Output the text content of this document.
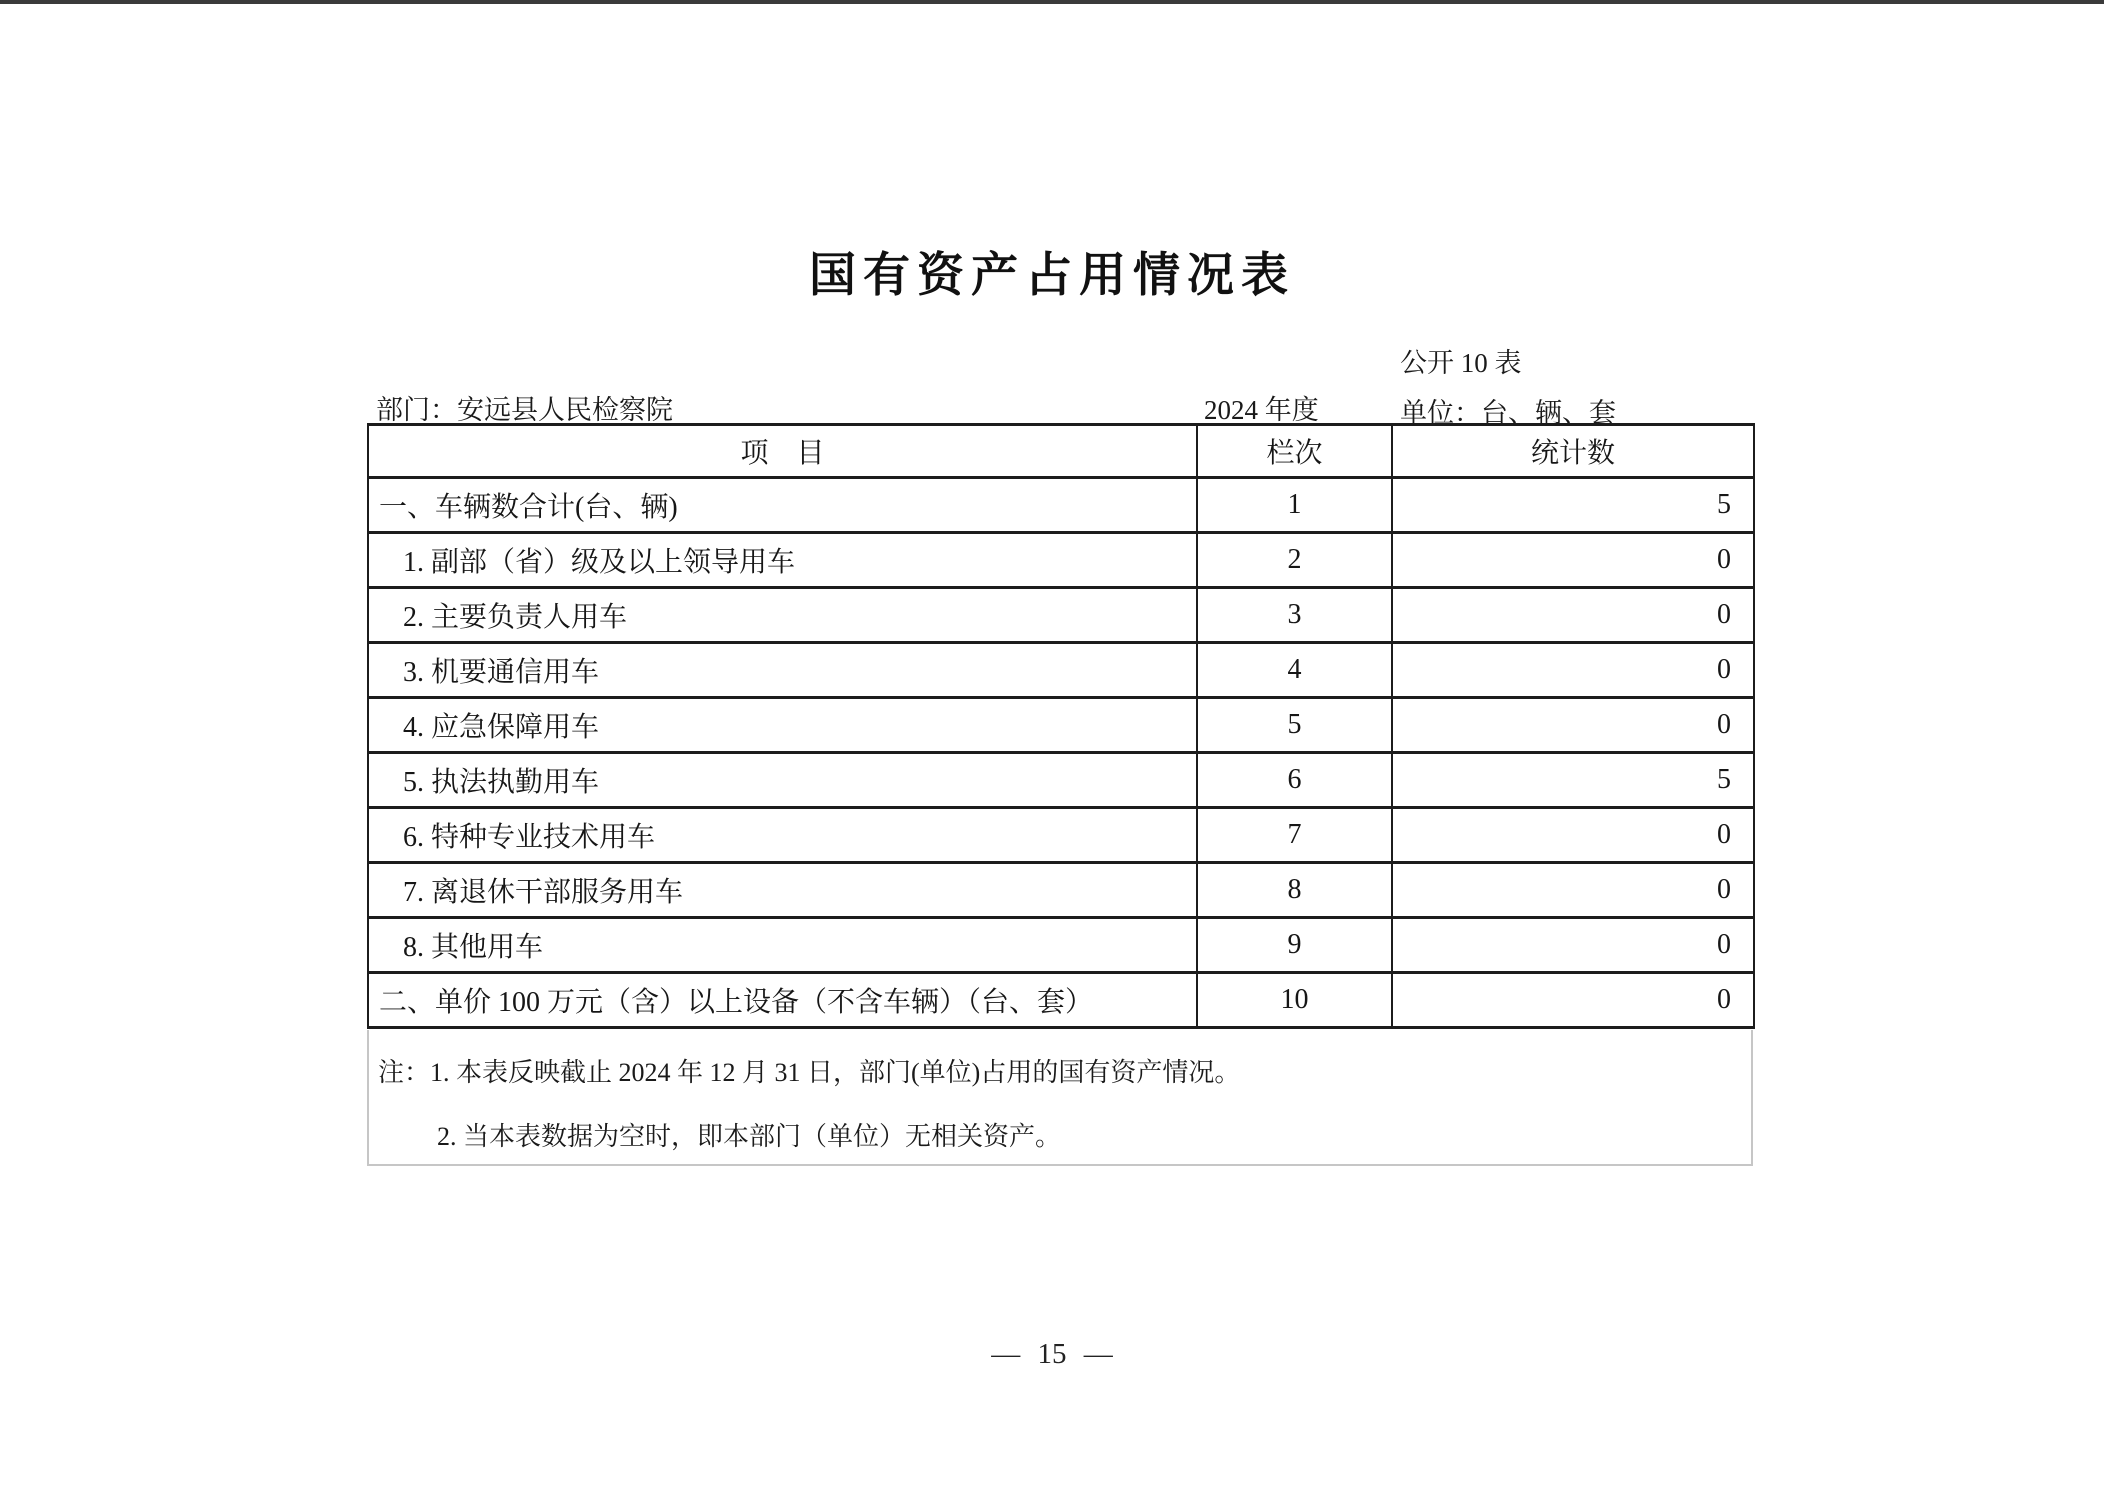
国有资产占用情况表
公开 10 表
部门：安远县人民检察院	2024 年度	单位：台、辆、套
项　目	栏次	统计数
一、车辆数合计(台、辆)	1	5
1. 副部（省）级及以上领导用车	2	0
2. 主要负责人用车	3	0
3. 机要通信用车	4	0
4. 应急保障用车	5	0
5. 执法执勤用车	6	5
6. 特种专业技术用车	7	0
7. 离退休干部服务用车	8	0
8. 其他用车	9	0
二、单价 100 万元（含）以上设备（不含车辆）（台、套）	10	0

注：1. 本表反映截止 2024 年 12 月 31 日，部门(单位)占用的国有资产情况。

2. 当本表数据为空时，即本部门（单位）无相关资产。

— 15 —
